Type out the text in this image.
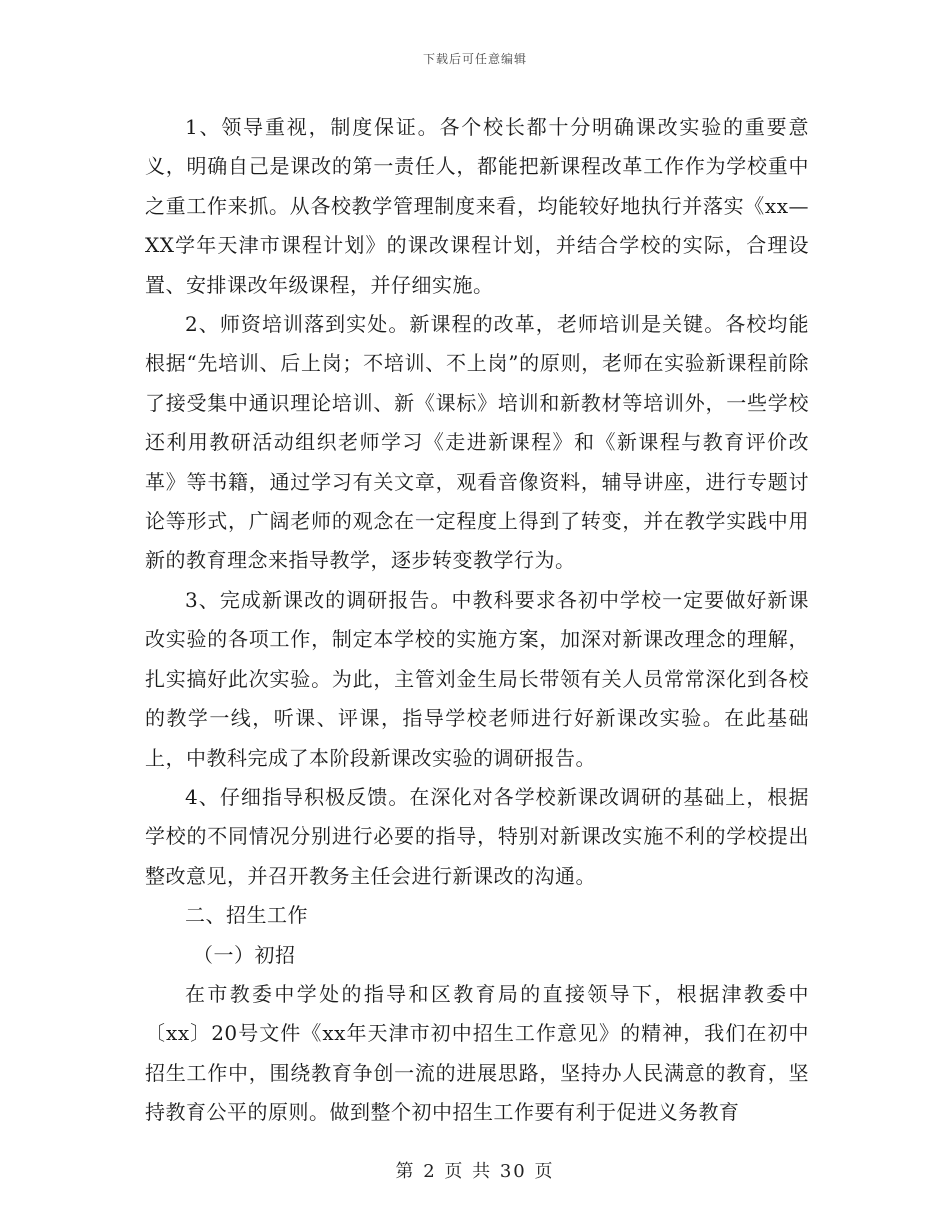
下载后可任意编辑

1、领导重视，制度保证。各个校长都十分明确课改实验的重要意义，明确自己是课改的第一责任人，都能把新课程改革工作作为学校重中之重工作来抓。从各校教学管理制度来看，均能较好地执行并落实《xx—XX学年天津市课程计划》的课改课程计划，并结合学校的实际，合理设置、安排课改年级课程，并仔细实施。

2、师资培训落到实处。新课程的改革，老师培训是关键。各校均能根据“先培训、后上岗；不培训、不上岗”的原则，老师在实验新课程前除了接受集中通识理论培训、新《课标》培训和新教材等培训外，一些学校还利用教研活动组织老师学习《走进新课程》和《新课程与教育评价改革》等书籍，通过学习有关文章，观看音像资料，辅导讲座，进行专题讨论等形式，广阔老师的观念在一定程度上得到了转变，并在教学实践中用新的教育理念来指导教学，逐步转变教学行为。

3、完成新课改的调研报告。中教科要求各初中学校一定要做好新课改实验的各项工作，制定本学校的实施方案，加深对新课改理念的理解，扎实搞好此次实验。为此，主管刘金生局长带领有关人员常常深化到各校的教学一线，听课、评课，指导学校老师进行好新课改实验。在此基础上，中教科完成了本阶段新课改实验的调研报告。

4、仔细指导积极反馈。在深化对各学校新课改调研的基础上，根据学校的不同情况分别进行必要的指导，特别对新课改实施不利的学校提出整改意见，并召开教务主任会进行新课改的沟通。

二、招生工作

（一）初招

在市教委中学处的指导和区教育局的直接领导下，根据津教委中〔xx〕20号文件《xx年天津市初中招生工作意见》的精神，我们在初中招生工作中，围绕教育争创一流的进展思路，坚持办人民满意的教育，坚持教育公平的原则。做到整个初中招生工作要有利于促进义务教育

第 2 页 共 30 页
